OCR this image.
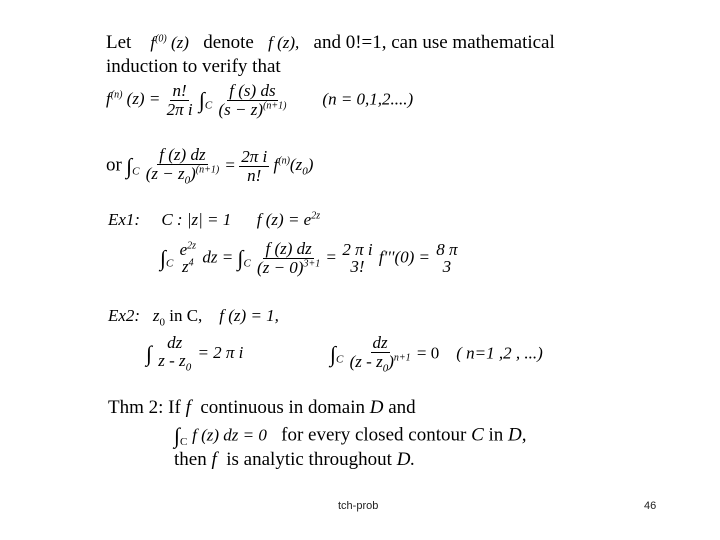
Let $f^{(0)}$ (z) denote f (z), and 0!=1, can use mathematical
induction to verify that
$f^{(n)}$ $(z) = \frac{n!}{\text{2π i}} \int_C \frac{f (s) ds}{(s - z)^{(n+1)}} (n = 0,1,2....)$
or $\int_C \frac{f (z) dz}{(z - z_0)^{(n+1)}} = \frac{\text{2π i}}{n!} f^{(n)}(z_0)$
Ex1: C : |z| = 1 f $(z) = e^{2z}$
$\int_C$
$e^{2z}$
$z^4$ dz = $\int_C \frac{f (z) dz}{(z - 0)^{3+1}} = 2$ π i
3!
f'''(0) = 8 π
3
Ex2: $z_0$ in C, f (z) = 1,
∫ dz
z - $z_0$
= 2 π i	$\int_C \frac{dz}{(z - z_0)^{n+1}} = 0$ ( n=1 ,2 , ...)
Thm 2: If f continuous in domain D and
$\int_C$ f (z) dz = 0 for every closed contour C in D,
then f is analytic throughout D.
tch-prob	46
